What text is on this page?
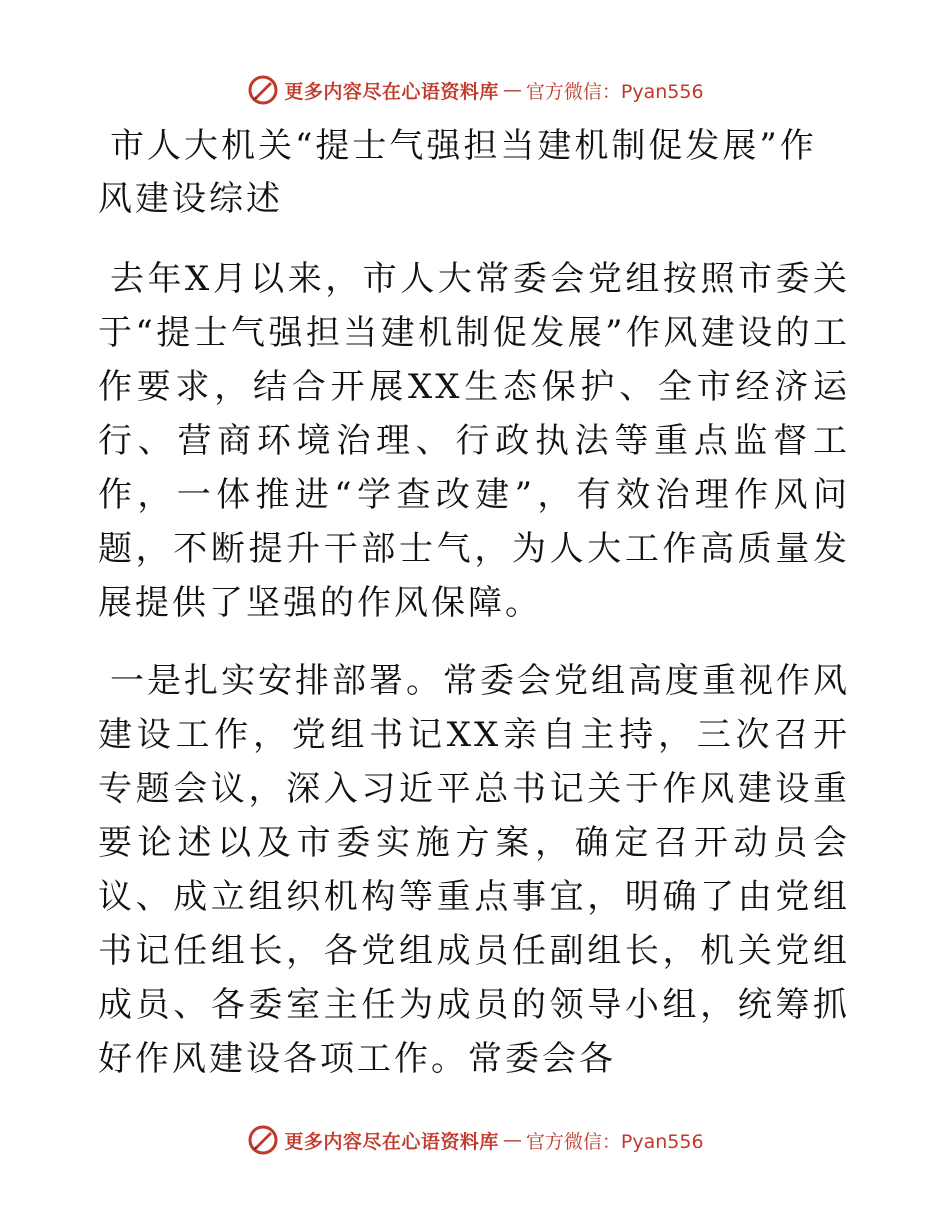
更多内容尽在心语资料库 — 官方微信：Pyan556
市人大机关“提士气强担当建机制促发展”作风建设综述

去年X月以来，市人大常委会党组按照市委关于“提士气强担当建机制促发展”作风建设的工作要求，结合开展XX生态保护、全市经济运行、营商环境治理、行政执法等重点监督工作，一体推进“学查改建”，有效治理作风问题，不断提升干部士气，为人大工作高质量发展提供了坚强的作风保障。

一是扎实安排部署。常委会党组高度重视作风建设工作，党组书记XX亲自主持，三次召开专题会议，深入习近平总书记关于作风建设重要论述以及市委实施方案，确定召开动员会议、成立组织机构等重点事宜，明确了由党组书记任组长，各党组成员任副组长，机关党组成员、各委室主任为成员的领导小组，统筹抓好作风建设各项工作。常委会各

更多内容尽在心语资料库 — 官方微信：Pyan556
